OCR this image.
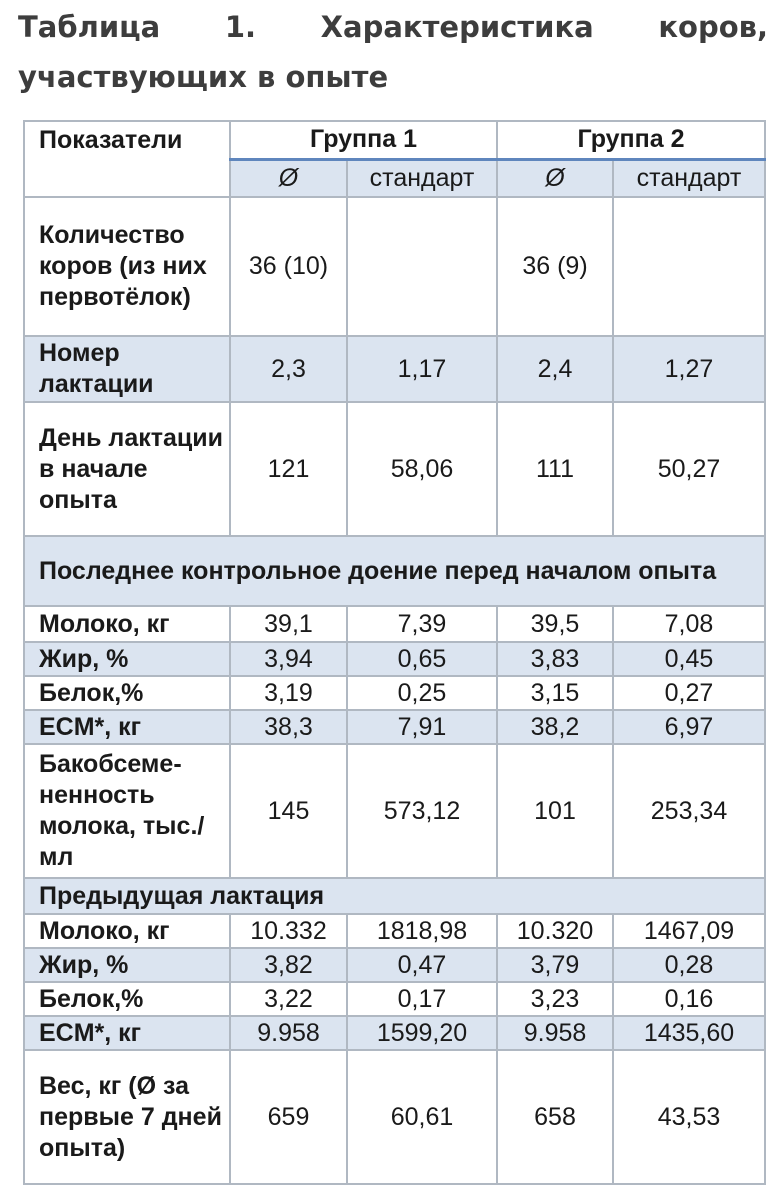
Таблица 1. Характеристика коров, участвующих в опыте
Показатели	Группа 1		Группа 2	
	Ø	стандарт	Ø	стандарт
Количество коров (из них первотёлок)	36 (10)		36 (9)	
Номер лактации	2,3	1,17	2,4	1,27
День лактации в начале опыта	121	58,06	111	50,27
Последнее контрольное доение перед началом опыта				
Молоко, кг	39,1	7,39	39,5	7,08
Жир, %	3,94	0,65	3,83	0,45
Белок,%	3,19	0,25	3,15	0,27
ECM*, кг	38,3	7,91	38,2	6,97
Бакобсеме-ненность молока, тыс./мл	145	573,12	101	253,34
Предыдущая лактация				
Молоко, кг	10.332	1818,98	10.320	1467,09
Жир, %	3,82	0,47	3,79	0,28
Белок,%	3,22	0,17	3,23	0,16
ECM*, кг	9.958	1599,20	9.958	1435,60
Вес, кг (Ø за первые 7 дней опыта)	659	60,61	658	43,53
